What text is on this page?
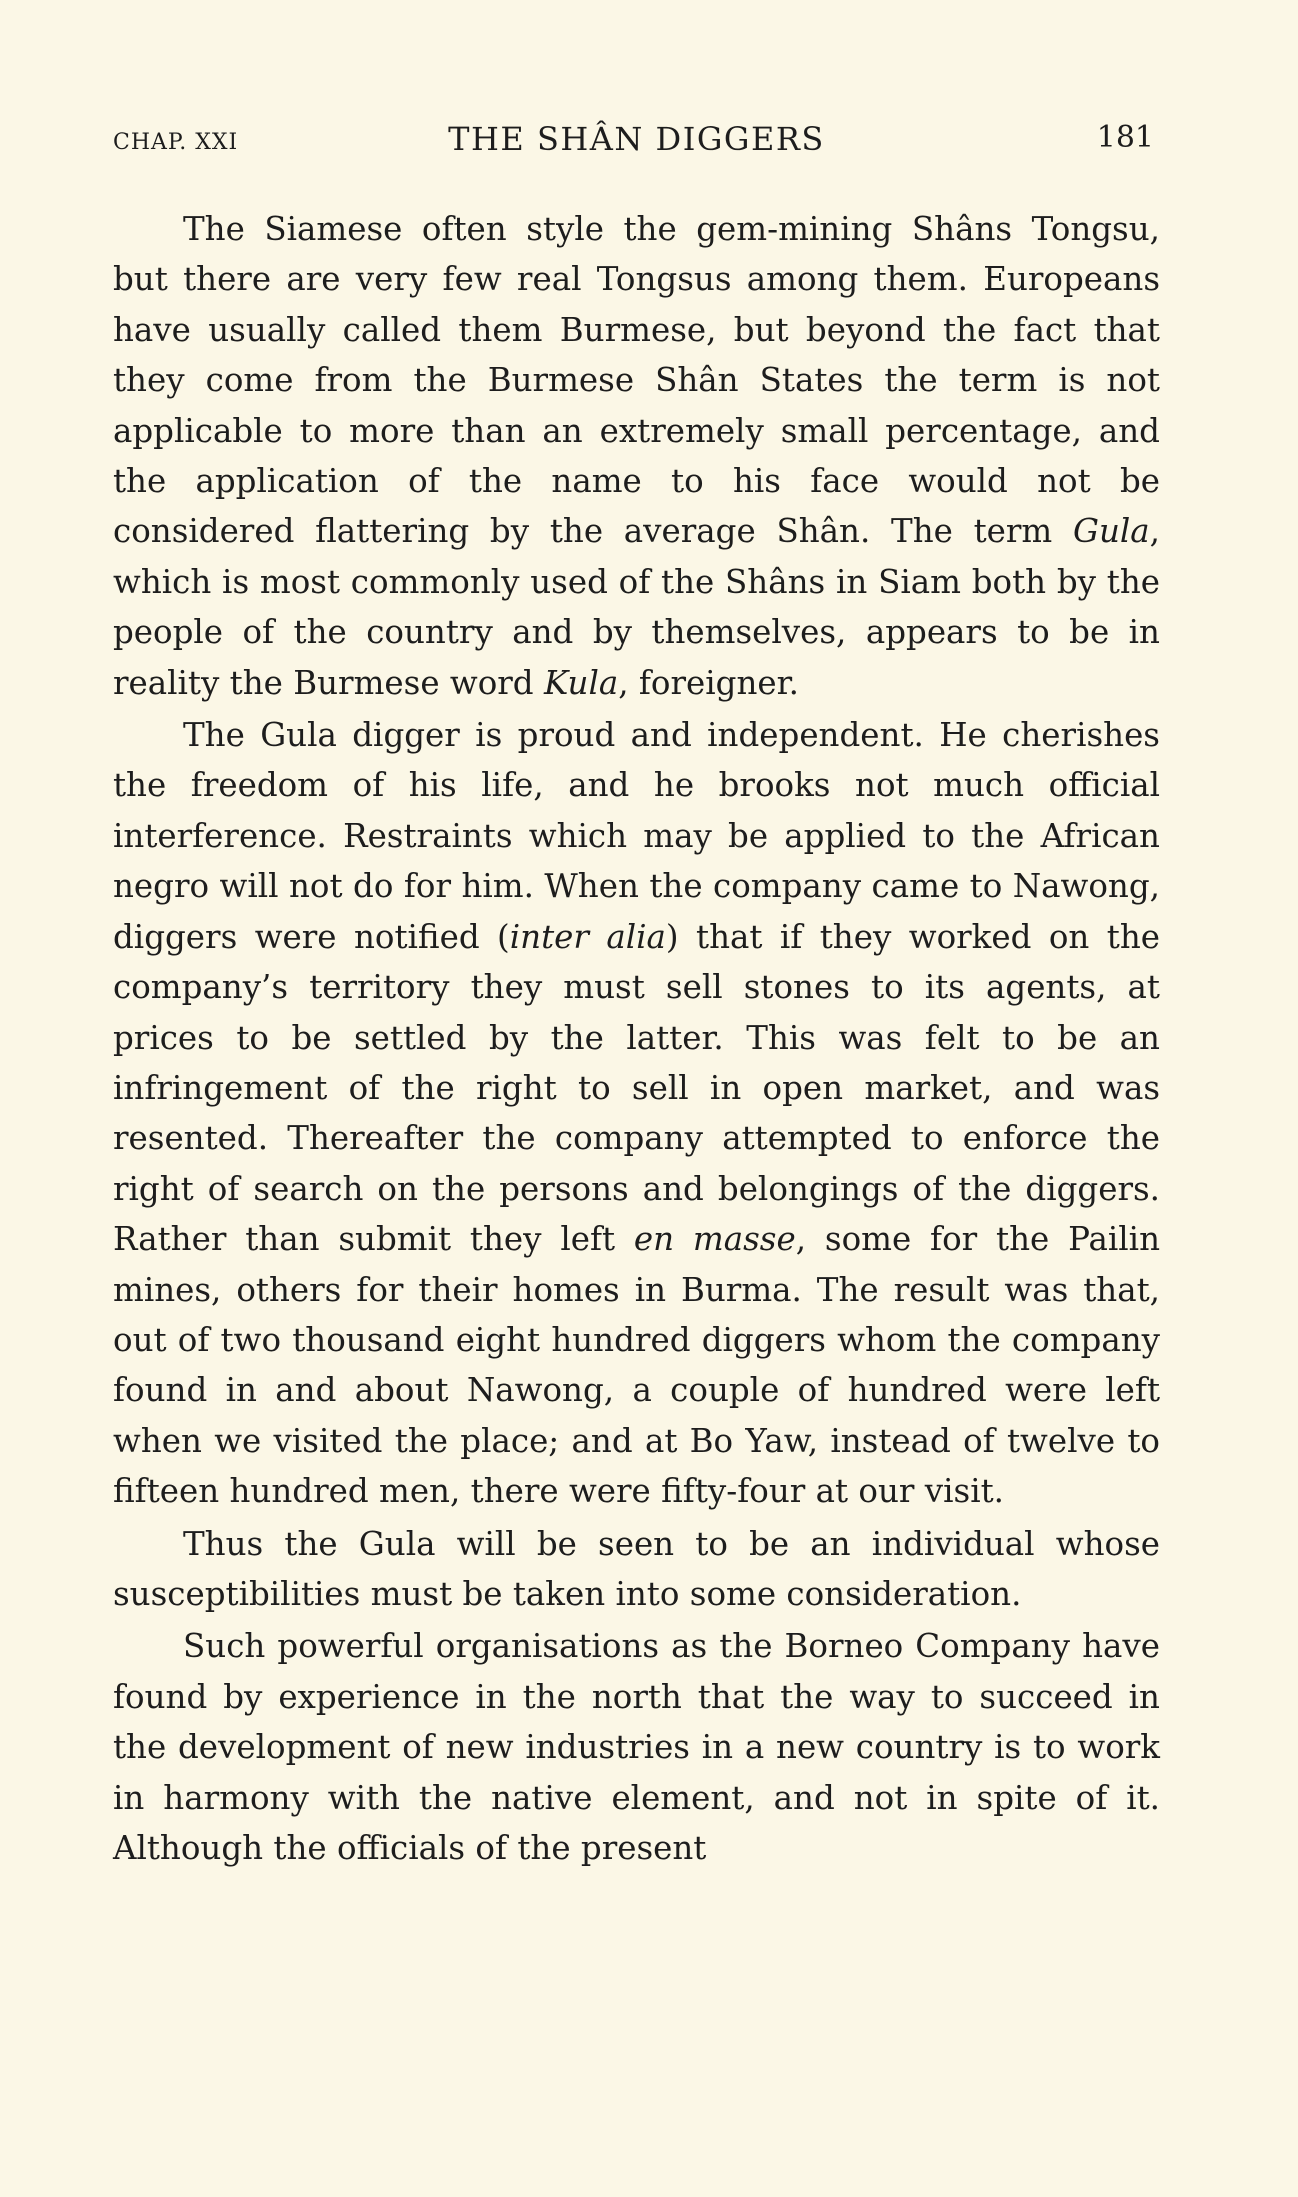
CHAP. XXI	THE SHÂN DIGGERS	181

The Siamese often style the gem-mining Shâns Tongsu, but there are very few real Tongsus among them. Europeans have usually called them Burmese, but beyond the fact that they come from the Burmese Shân States the term is not applicable to more than an extremely small percentage, and the application of the name to his face would not be considered flattering by the average Shân. The term Gula, which is most commonly used of the Shâns in Siam both by the people of the country and by themselves, appears to be in reality the Burmese word Kula, foreigner.

The Gula digger is proud and independent. He cherishes the freedom of his life, and he brooks not much official interference. Restraints which may be applied to the African negro will not do for him. When the company came to Nawong, diggers were notified (inter alia) that if they worked on the company’s territory they must sell stones to its agents, at prices to be settled by the latter. This was felt to be an infringement of the right to sell in open market, and was resented. Thereafter the company attempted to enforce the right of search on the persons and belongings of the diggers. Rather than submit they left en masse, some for the Pailin mines, others for their homes in Burma. The result was that, out of two thousand eight hundred diggers whom the company found in and about Nawong, a couple of hundred were left when we visited the place; and at Bo Yaw, instead of twelve to fifteen hundred men, there were fifty-four at our visit.

Thus the Gula will be seen to be an individual whose susceptibilities must be taken into some consideration.

Such powerful organisations as the Borneo Company have found by experience in the north that the way to succeed in the development of new industries in a new country is to work in harmony with the native element, and not in spite of it. Although the officials of the present
